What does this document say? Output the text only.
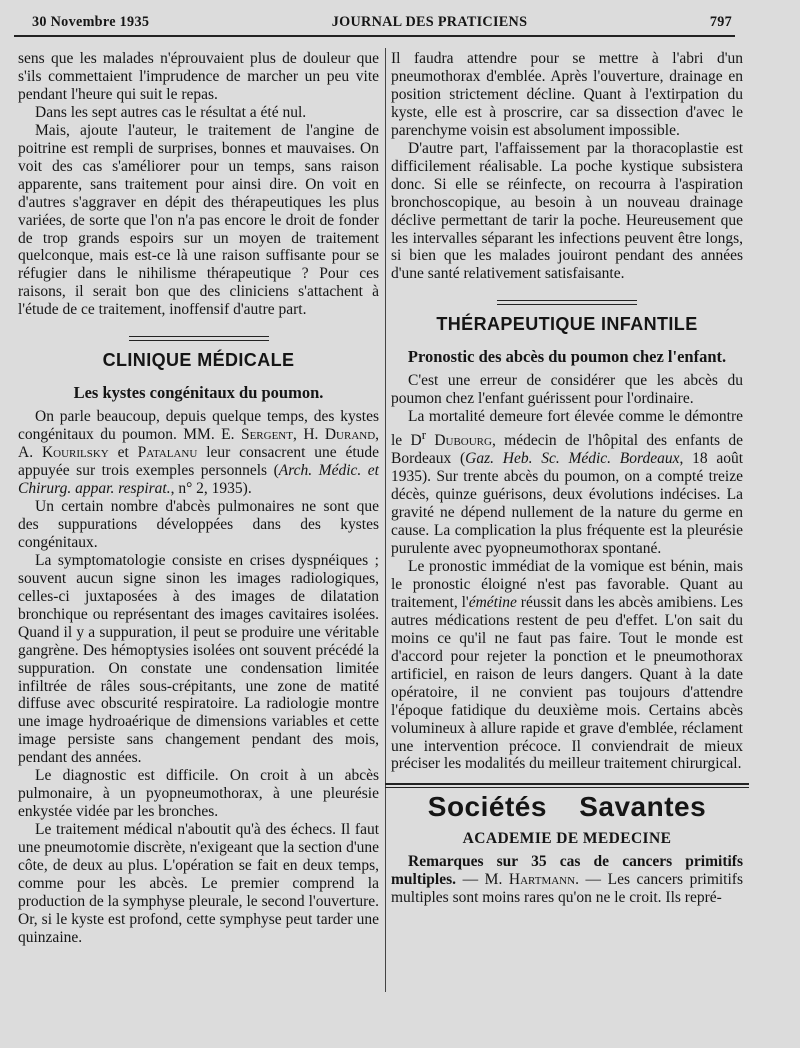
30 Novembre 1935	JOURNAL DES PRATICIENS	797

sens que les malades n'éprouvaient plus de douleur que s'ils commettaient l'imprudence de marcher un peu vite pendant l'heure qui suit le repas.

Dans les sept autres cas le résultat a été nul.

Mais, ajoute l'auteur, le traitement de l'angine de poitrine est rempli de surprises, bonnes et mauvaises. On voit des cas s'améliorer pour un temps, sans raison apparente, sans traitement pour ainsi dire. On voit en d'autres s'aggraver en dépit des thérapeutiques les plus variées, de sorte que l'on n'a pas encore le droit de fonder de trop grands espoirs sur un moyen de traitement quelconque, mais est-ce là une raison suffisante pour se réfugier dans le nihilisme thérapeutique ? Pour ces raisons, il serait bon que des cliniciens s'attachent à l'étude de ce traitement, inoffensif d'autre part.

CLINIQUE MÉDICALE
Les kystes congénitaux du poumon.

On parle beaucoup, depuis quelque temps, des kystes congénitaux du poumon. MM. E. Sergent, H. Durand, A. Kourilsky et Patalanu leur consacrent une étude appuyée sur trois exemples personnels (Arch. Médic. et Chirurg. appar. respirat., n° 2, 1935).

Un certain nombre d'abcès pulmonaires ne sont que des suppurations développées dans des kystes congénitaux.

La symptomatologie consiste en crises dyspnéiques ; souvent aucun signe sinon les images radiologiques, celles-ci juxtaposées à des images de dilatation bronchique ou représentant des images cavitaires isolées. Quand il y a suppuration, il peut se produire une véritable gangrène. Des hémoptysies isolées ont souvent précédé la suppuration. On constate une condensation limitée infiltrée de râles sous-crépitants, une zone de matité diffuse avec obscurité respiratoire. La radiologie montre une image hydroaérique de dimensions variables et cette image persiste sans changement pendant des mois, pendant des années.

Le diagnostic est difficile. On croit à un abcès pulmonaire, à un pyopneumothorax, à une pleurésie enkystée vidée par les bronches.

Le traitement médical n'aboutit qu'à des échecs. Il faut une pneumotomie discrète, n'exigeant que la section d'une côte, de deux au plus. L'opération se fait en deux temps, comme pour les abcès. Le premier comprend la production de la symphyse pleurale, le second l'ouverture. Or, si le kyste est profond, cette symphyse peut tarder une quinzaine.

Il faudra attendre pour se mettre à l'abri d'un pneumothorax d'emblée. Après l'ouverture, drainage en position strictement décline. Quant à l'extirpation du kyste, elle est à proscrire, car sa dissection d'avec le parenchyme voisin est absolument impossible.

D'autre part, l'affaissement par la thoracoplastie est difficilement réalisable. La poche kystique subsistera donc. Si elle se réinfecte, on recourra à l'aspiration bronchoscopique, au besoin à un nouveau drainage déclive permettant de tarir la poche. Heureusement que les intervalles séparant les infections peuvent être longs, si bien que les malades jouiront pendant des années d'une santé relativement satisfaisante.

THÉRAPEUTIQUE INFANTILE
Pronostic des abcès du poumon chez l'enfant.

C'est une erreur de considérer que les abcès du poumon chez l'enfant guérissent pour l'ordinaire.

La mortalité demeure fort élevée comme le démontre le $D^r$ Dubourg, médecin de l'hôpital des enfants de Bordeaux (Gaz. Heb. Sc. Médic. Bordeaux, 18 août 1935). Sur trente abcès du poumon, on a compté treize décès, quinze guérisons, deux évolutions indécises. La gravité ne dépend nullement de la nature du germe en cause. La complication la plus fréquente est la pleurésie purulente avec pyopneumothorax spontané.

Le pronostic immédiat de la vomique est bénin, mais le pronostic éloigné n'est pas favorable. Quant au traitement, l'émétine réussit dans les abcès amibiens. Les autres médications restent de peu d'effet. L'on sait du moins ce qu'il ne faut pas faire. Tout le monde est d'accord pour rejeter la ponction et le pneumothorax artificiel, en raison de leurs dangers. Quant à la date opératoire, il ne convient pas toujours d'attendre l'époque fatidique du deuxième mois. Certains abcès volumineux à allure rapide et grave d'emblée, réclament une intervention précoce. Il conviendrait de mieux préciser les modalités du meilleur traitement chirurgical.

Sociétés Savantes
ACADEMIE DE MEDECINE

Remarques sur 35 cas de cancers primitifs multiples. — M. Hartmann. — Les cancers primitifs multiples sont moins rares qu'on ne le croit. Ils repré-
